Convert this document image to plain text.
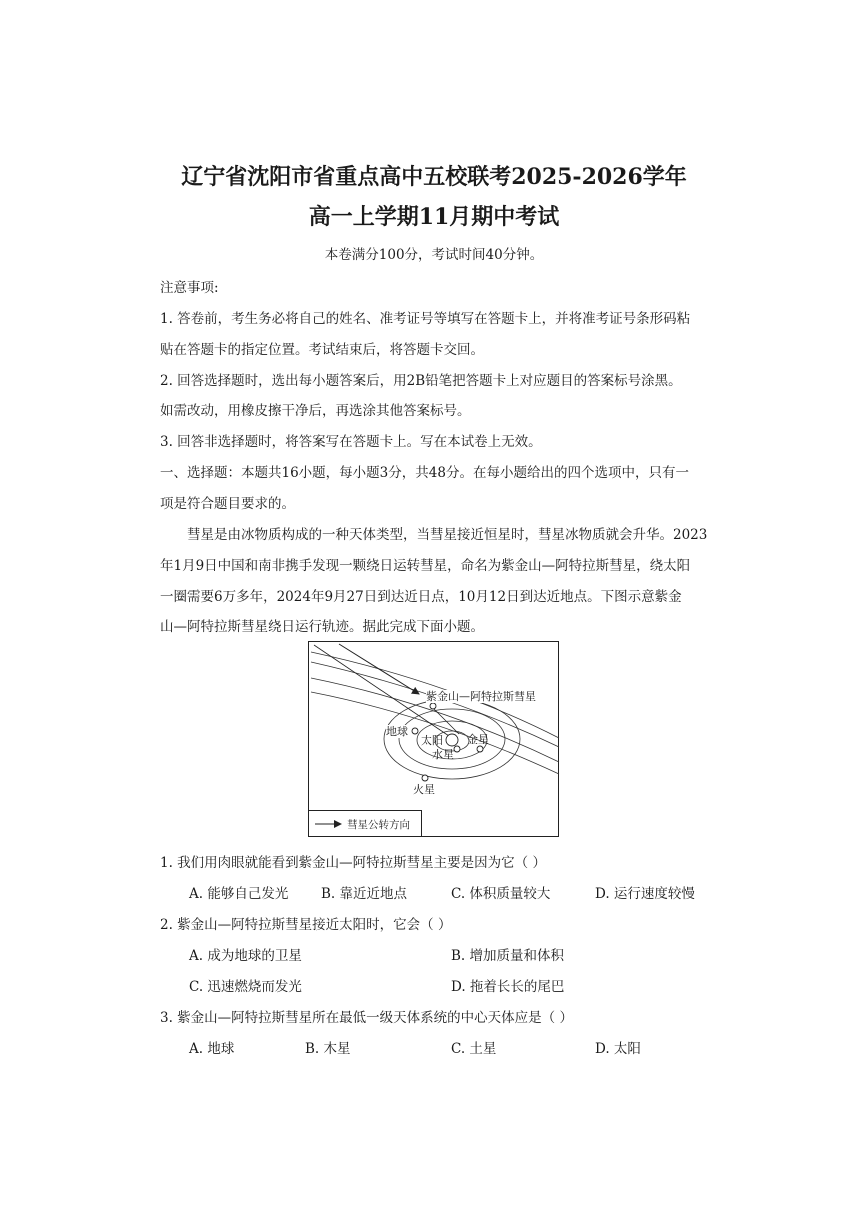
辽宁省沈阳市省重点高中五校联考2025-2026学年
高一上学期11月期中考试
本卷满分100分，考试时间40分钟。
注意事项:
1. 答卷前，考生务必将自己的姓名、准考证号等填写在答题卡上，并将准考证号条形码粘
贴在答题卡的指定位置。考试结束后，将答题卡交回。
2. 回答选择题时，选出每小题答案后，用2B铅笔把答题卡上对应题目的答案标号涂黑。
如需改动，用橡皮擦干净后，再选涂其他答案标号。
3. 回答非选择题时，将答案写在答题卡上。写在本试卷上无效。
一、选择题：本题共16小题，每小题3分，共48分。在每小题给出的四个选项中，只有一
项是符合题目要求的。
彗星是由冰物质构成的一种天体类型，当彗星接近恒星时，彗星冰物质就会升华。2023
年1月9日中国和南非携手发现一颗绕日运转彗星，命名为紫金山—阿特拉斯彗星，绕太阳
一圈需要6万多年，2024年9月27日到达近日点，10月12日到达近地点。下图示意紫金
山—阿特拉斯彗星绕日运行轨迹。据此完成下面小题。
紫金山—阿特拉斯彗星
地球
太阳 金星
水星
火星
彗星公转方向
1. 我们用肉眼就能看到紫金山—阿特拉斯彗星主要是因为它（ ）
A. 能够自己发光 B. 靠近近地点	C. 体积质量较大	D. 运行速度较慢
2. 紫金山—阿特拉斯彗星接近太阳时，它会（ ）
A. 成为地球的卫星	B. 增加质量和体积
C. 迅速燃烧而发光	D. 拖着长长的尾巴
3. 紫金山—阿特拉斯彗星所在最低一级天体系统的中心天体应是（ ）
A. 地球	B. 木星	C. 土星	D. 太阳
